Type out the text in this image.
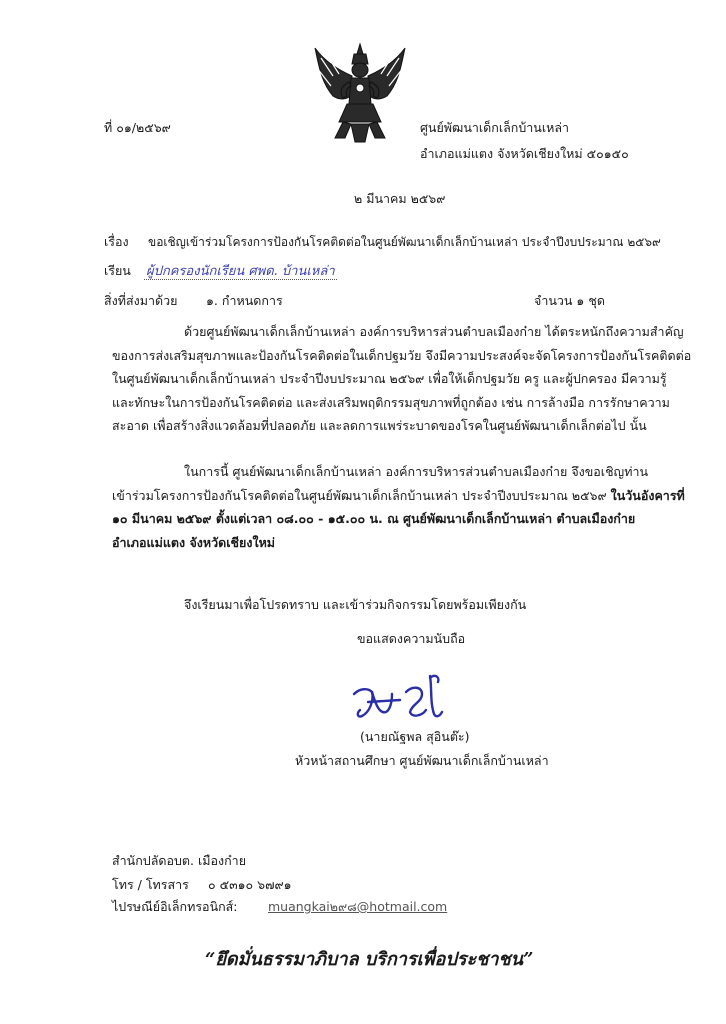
ที่ ๐๑/๒๕๖๙	ศูนย์พัฒนาเด็กเล็กบ้านเหล่า
อำเภอแม่แตง จังหวัดเชียงใหม่ ๕๐๑๕๐
๒ มีนาคม ๒๕๖๙
เรื่อง ขอเชิญเข้าร่วมโครงการป้องกันโรคติดต่อในศูนย์พัฒนาเด็กเล็กบ้านเหล่า ประจำปีงบประมาณ ๒๕๖๙
เรียน ผู้ปกครองนักเรียน ศพด. บ้านเหล่า
สิ่งที่ส่งมาด้วย ๑. กำหนดการ	จำนวน ๑ ชุด
ด้วยศูนย์พัฒนาเด็กเล็กบ้านเหล่า องค์การบริหารส่วนตำบลเมืองก๋าย ได้ตระหนักถึงความสำคัญ
ของการส่งเสริมสุขภาพและป้องกันโรคติดต่อในเด็กปฐมวัย จึงมีความประสงค์จะจัดโครงการป้องกันโรคติดต่อ
ในศูนย์พัฒนาเด็กเล็กบ้านเหล่า ประจำปีงบประมาณ ๒๕๖๙ เพื่อให้เด็กปฐมวัย ครู และผู้ปกครอง มีความรู้
และทักษะในการป้องกันโรคติดต่อ และส่งเสริมพฤติกรรมสุขภาพที่ถูกต้อง เช่น การล้างมือ การรักษาความ
สะอาด เพื่อสร้างสิ่งแวดล้อมที่ปลอดภัย และลดการแพร่ระบาดของโรคในศูนย์พัฒนาเด็กเล็กต่อไป นั้น
ในการนี้ ศูนย์พัฒนาเด็กเล็กบ้านเหล่า องค์การบริหารส่วนตำบลเมืองก๋าย จึงขอเชิญท่าน
เข้าร่วมโครงการป้องกันโรคติดต่อในศูนย์พัฒนาเด็กเล็กบ้านเหล่า ประจำปีงบประมาณ ๒๕๖๙ ในวันอังคารที่
๑๐ มีนาคม ๒๕๖๙ ตั้งแต่เวลา ๐๘.๐๐ - ๑๕.๐๐ น. ณ ศูนย์พัฒนาเด็กเล็กบ้านเหล่า ตำบลเมืองก๋าย
อำเภอแม่แตง จังหวัดเชียงใหม่
จึงเรียนมาเพื่อโปรดทราบ และเข้าร่วมกิจกรรมโดยพร้อมเพียงกัน
ขอแสดงความนับถือ
(นายณัฐพล สุอินต๊ะ)
หัวหน้าสถานศึกษา ศูนย์พัฒนาเด็กเล็กบ้านเหล่า
สำนักปลัดอบต. เมืองก๋าย
โทร / โทรสาร ๐ ๕๓๑๐ ๖๗๙๑
ไปรษณีย์อิเล็กทรอนิกส์: muangkai๒๙๘@hotmail.com
“ยึดมั่นธรรมาภิบาล บริการเพื่อประชาชน”
